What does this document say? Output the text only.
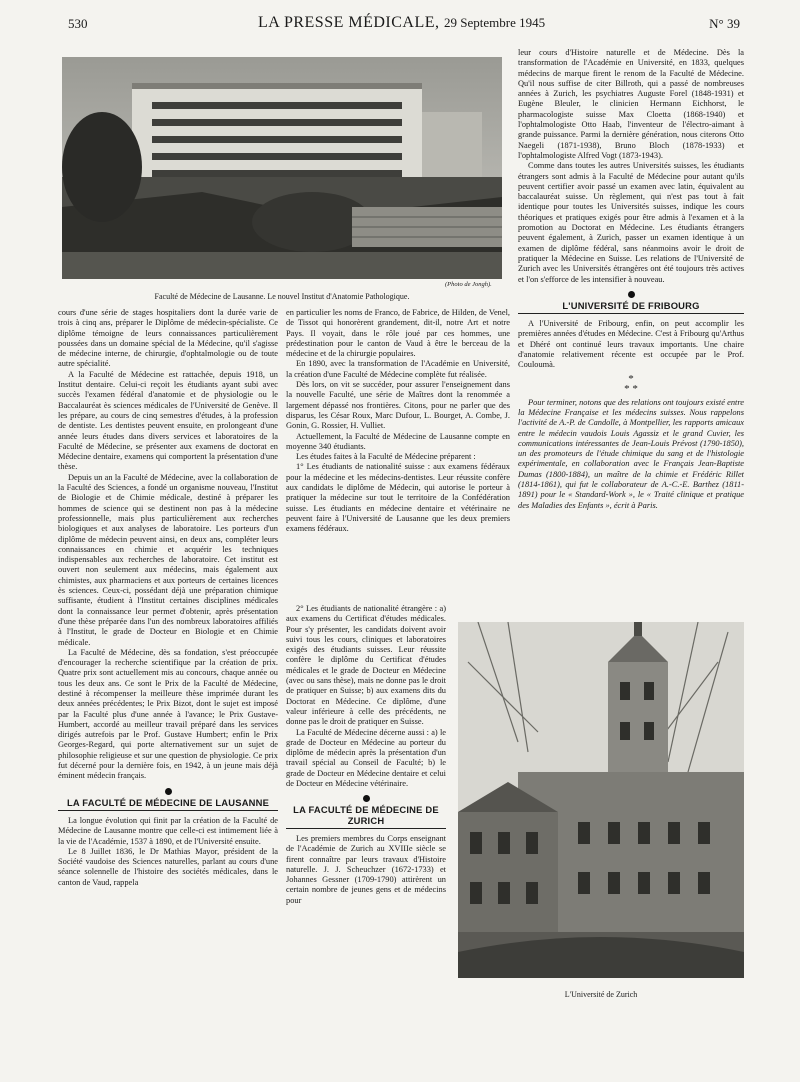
530	LA PRESSE MÉDICALE, 29 Septembre 1945	N° 39
(Photo de Jongh).
Faculté de Médecine de Lausanne. Le nouvel Institut d'Anatomie Pathologique.

cours d'une série de stages hospitaliers dont la durée varie de trois à cinq ans, préparer le Diplôme de médecin-spécialiste. Ce diplôme témoigne de leurs connaissances particulièrement poussées dans un domaine spécial de la Médecine, qu'il s'agisse de médecine interne, de chirurgie, d'ophtalmologie ou de toute autre spécialité.

A la Faculté de Médecine est rattachée, depuis 1918, un Institut dentaire. Celui-ci reçoit les étudiants ayant subi avec succès l'examen fédéral d'anatomie et de physiologie ou le Baccalauréat ès sciences médicales de l'Université de Genève. Il les prépare, au cours de cinq semestres d'études, à la profession de dentiste. Les dentistes peuvent ensuite, en prolongeant d'une année leurs études dans divers services et laboratoires de la Faculté de Médecine, se présenter aux examens de doctorat en Médecine dentaire, examens qui comportent la présentation d'une thèse.

Depuis un an la Faculté de Médecine, avec la collaboration de la Faculté des Sciences, a fondé un organisme nouveau, l'Institut de Biologie et de Chimie médicale, destiné à préparer les hommes de science qui se destinent non pas à la médecine professionnelle, mais plus particulièrement aux recherches biologiques et aux analyses de laboratoire. Les porteurs d'un diplôme de médecin peuvent ainsi, en deux ans, compléter leurs connaissances en chimie et acquérir les techniques indispensables aux recherches de laboratoire. Cet institut est ouvert non seulement aux médecins, mais également aux chimistes, aux pharmaciens et aux porteurs de certaines licences ès sciences. Ceux-ci, possédant déjà une préparation chimique suffisante, étudient à l'Institut certaines disciplines médicales dont la connaissance leur permet d'obtenir, après présentation d'une thèse préparée dans l'un des nombreux laboratoires affiliés à l'Institut, le grade de Docteur en Biologie et en Chimie médicale.

La Faculté de Médecine, dès sa fondation, s'est préoccupée d'encourager la recherche scientifique par la création de prix. Quatre prix sont actuellement mis au concours, chaque année ou tous les deux ans. Ce sont le Prix de la Faculté de Médecine, destiné à récompenser la meilleure thèse imprimée durant les deux années précédentes; le Prix Bizot, dont le sujet est imposé par la Faculté plus d'une année à l'avance; le Prix Gustave-Humbert, accordé au meilleur travail préparé dans les services dirigés autrefois par le Prof. Gustave Humbert; enfin le Prix Georges-Regard, qui porte alternativement sur un sujet de philosophie religieuse et sur une question de physiologie. Ce prix fut décerné pour la dernière fois, en 1942, à un jeune mais déjà éminent médecin français.

LA FACULTÉ DE MÉDECINE DE LAUSANNE

La longue évolution qui finit par la création de la Faculté de Médecine de Lausanne montre que celle-ci est intimement liée à la vie de l'Académie, 1537 à 1890, et de l'Université ensuite.

Le 8 Juillet 1836, le Dr Mathias Mayor, président de la Société vaudoise des Sciences naturelles, parlant au cours d'une séance solennelle de l'histoire des sociétés médicales, dans le canton de Vaud, rappela

en particulier les noms de Franco, de Fabrice, de Hilden, de Venel, de Tissot qui honorèrent grandement, dit-il, notre Art et notre Pays. Il voyait, dans le rôle joué par ces hommes, une prédestination pour le canton de Vaud à être le berceau de la médecine et de la chirurgie populaires.

En 1890, avec la transformation de l'Académie en Université, la création d'une Faculté de Médecine complète fut réalisée.

Dès lors, on vit se succéder, pour assurer l'enseignement dans la nouvelle Faculté, une série de Maîtres dont la renommée a largement dépassé nos frontières. Citons, pour ne parler que des disparus, les César Roux, Marc Dufour, L. Bourget, A. Combe, J. Gonin, G. Rossier, H. Vulliet.

Actuellement, la Faculté de Médecine de Lausanne compte en moyenne 340 étudiants.

Les études faites à la Faculté de Médecine préparent :

1° Les étudiants de nationalité suisse : aux examens fédéraux pour la médecine et les médecins-dentistes. Leur réussite confère aux candidats le diplôme de Médecin, qui autorise le porteur à pratiquer la médecine sur tout le territoire de la Confédération suisse. Les étudiants en médecine dentaire et vétérinaire ne peuvent faire à l'Université de Lausanne que les deux premiers examens fédéraux.

2° Les étudiants de nationalité étrangère : a) aux examens du Certificat d'études médicales. Pour s'y présenter, les candidats doivent avoir suivi tous les cours, cliniques et laboratoires exigés des étudiants suisses. Leur réussite confère le diplôme du Certificat d'études médicales et le grade de Docteur en Médecine (avec ou sans thèse), mais ne donne pas le droit de pratiquer en Suisse; b) aux examens dits du Doctorat en Médecine. Ce diplôme, d'une valeur inférieure à celle des précédents, ne donne pas le droit de pratiquer en Suisse.

La Faculté de Médecine décerne aussi : a) le grade de Docteur en Médecine au porteur du diplôme de médecin après la présentation d'un travail spécial au Conseil de Faculté; b) le grade de Docteur en Médecine dentaire et celui de Docteur en Médecine vétérinaire.

LA FACULTÉ DE MÉDECINE DE ZURICH

Les premiers membres du Corps enseignant de l'Académie de Zurich au XVIIIe siècle se firent connaître par leurs travaux d'Histoire naturelle. J. J. Scheuchzer (1672-1733) et Johannes Gessner (1709-1790) attirèrent un certain nombre de jeunes gens et de médecins pour

leur cours d'Histoire naturelle et de Médecine. Dès la transformation de l'Académie en Université, en 1833, quelques médecins de marque firent le renom de la Faculté de Médecine. Qu'il nous suffise de citer Billroth, qui a passé de nombreuses années à Zurich, les psychiatres Auguste Forel (1848-1931) et Eugène Bleuler, le clinicien Hermann Eichhorst, le pharmacologiste suisse Max Cloetta (1868-1940) et l'ophtalmologiste Otto Haab, l'inventeur de l'électro-aimant à grande puissance. Parmi la dernière génération, nous citerons Otto Naegeli (1871-1938), Bruno Bloch (1878-1933) et l'ophtalmologiste Alfred Vogt (1873-1943).

Comme dans toutes les autres Universités suisses, les étudiants étrangers sont admis à la Faculté de Médecine pour autant qu'ils peuvent certifier avoir passé un examen avec latin, équivalent au baccalauréat suisse. Un règlement, qui n'est pas tout à fait identique pour toutes les Universités suisses, indique les cours théoriques et pratiques exigés pour être admis à l'examen et à la promotion au Doctorat en Médecine. Les étudiants étrangers peuvent également, à Zurich, passer un examen identique à un examen de diplôme fédéral, sans néanmoins avoir le droit de pratiquer la Médecine en Suisse. Les relations de l'Université de Zurich avec les Universités étrangères ont été toujours très actives et l'on s'efforce de les intensifier à nouveau.

L'UNIVERSITÉ DE FRIBOURG

A l'Université de Fribourg, enfin, on peut accomplir les premières années d'études en Médecine. C'est à Fribourg qu'Arthus et Dhéré ont continué leurs travaux importants. Une chaire d'anatomie relativement récente est occupée par le Prof. Couloumà.

*
* *

Pour terminer, notons que des relations ont toujours existé entre la Médecine Française et les médecins suisses. Nous rappelons l'activité de A.-P. de Candolle, à Montpellier, les rapports amicaux entre le médecin vaudois Louis Agassiz et le grand Cuvier, les communications intéressantes de Jean-Louis Prévost (1790-1850), un des promoteurs de l'étude chimique du sang et de l'histologie expérimentale, en collaboration avec le Français Jean-Baptiste Dumas (1800-1884), un maître de la chimie et Frédéric Rillet (1814-1861), qui fut le collaborateur de A.-C.-E. Barthez (1811-1891) pour le « Standard-Work », le « Traité clinique et pratique des Maladies des Enfants », écrit à Paris.

L'Université de Zurich
